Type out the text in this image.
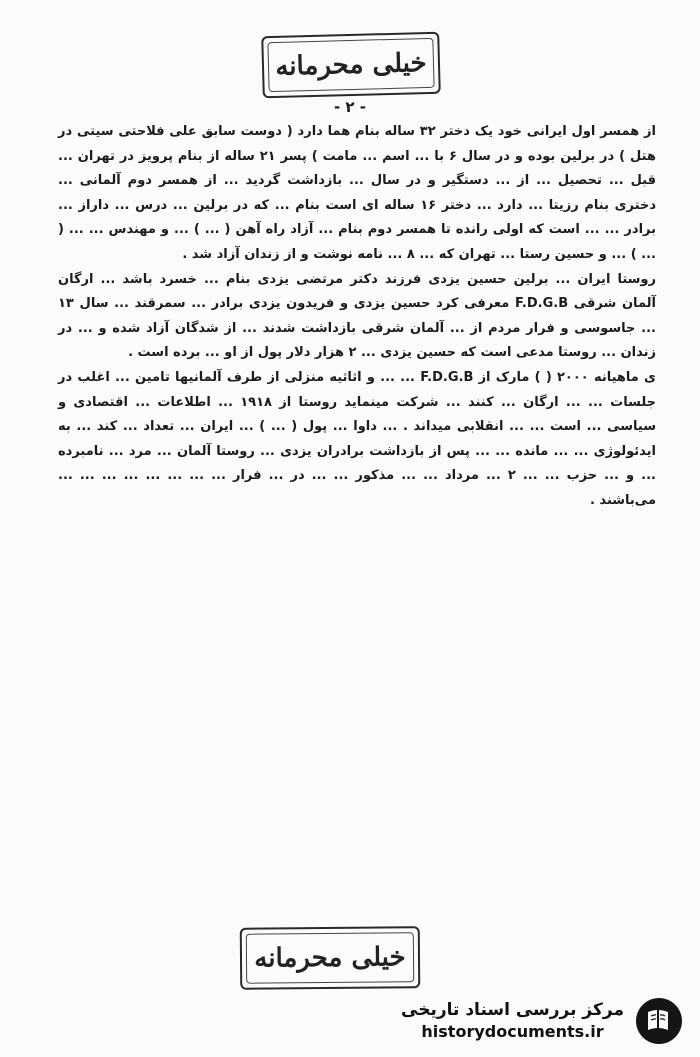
خیلی محرمانه
- ۲ -

از همسر اول ایرانی خود یک دختر ۳۲ ساله بنام هما دارد ( دوست سابق علی فلاحتی سیتی در هتل ) در برلین بوده و در سال ۶ با ... اسم ... مامت ) پسر ۲۱ ساله از بنام پرویز در تهران ... قبل ... تحصیل ... از ... دستگیر و در سال ... بازداشت گردید ... از همسر دوم آلمانی ... دختری بنام رزیتا ... دارد ... دختر ۱۶ ساله ای است بنام ... که در برلین ... درس ... داراز ... برادر ... ... است که اولی رانده تا همسر دوم بنام ... آزاد راه آهن ( ... ) ... و مهندس ... ... ( ... ) ... و حسین رستا ... تهران که ... ۸ ... نامه نوشت و از زندان آزاد شد .

روستا ایران ... برلین حسین یزدی فرزند دکتر مرتضی یزدی بنام ... خسرد باشد ... ارگان آلمان شرقی F.D.G.B معرفی کرد حسین یزدی و فریدون یزدی برادر ... سمرقند ... سال ۱۳ ... جاسوسی و فرار مردم از ... آلمان شرقی بازداشت شدند ... از شدگان آزاد شده و ... در زندان ... روستا مدعی است که حسین یزدی ... ۲ هزار دلار پول از او ... برده است .

ی ماهیانه ۲۰۰۰ ( ) مارک از F.D.G.B ... ... و اثاثیه منزلی از طرف آلمانیها تامین ... اغلب در جلسات ... ... ارگان ... کنند ... شرکت مینماید روستا از ۱۹۱۸ ... اطلاعات ... اقتصادی و سیاسی ... است ... ... انقلابی میداند . ... داوا ... پول ( ... ) ... ایران ... تعداد ... کند ... به ایدئولوژی ... ... مانده ... ... پس از بازداشت برادران یزدی ... روستا آلمان ... مرد ... نامبرده ... و ... حزب ... ... ۲ ... مرداد ... ... مذکور ... ... در ... فرار ... ... ... ... ... ... ... ... می‌باشند .

خیلی محرمانه
مرکز بررسی اسناد تاریخی
historydocuments.ir
